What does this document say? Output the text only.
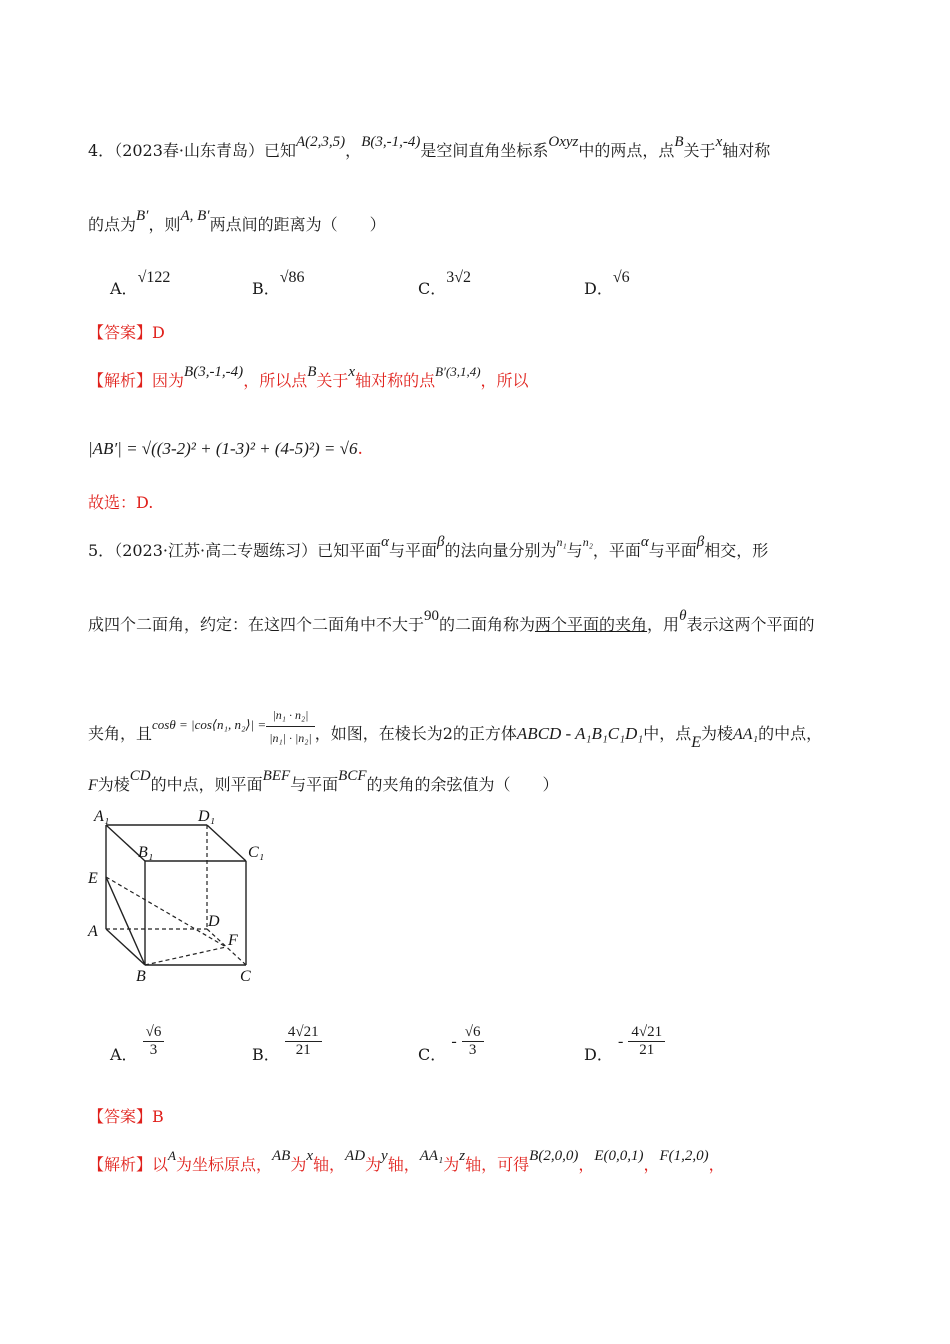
4．（2023春·山东青岛）已知A(2,3,5)，B(3,-1,-4)是空间直角坐标系Oxyz中的两点，点B关于x轴对称
的点为B′，则A, B′两点间的距离为（　　）
A．√122
B．√86
C．3√2
D．√6
【答案】D
【解析】因为B(3,-1,-4)，所以点B关于x轴对称的点$^{B'(3,1,4)}$，所以
|AB′| = √((3-2)² + (1-3)² + (4-5)²) = √6.
故选：D.
5．（2023·江苏·高二专题练习）已知平面α与平面β的法向量分别为$^{n_1}$与$^{n_2}$，平面α与平面β相交，形
成四个二面角，约定：在这四个二面角中不大于90的二面角称为两个平面的夹角，用θ表示这两个平面的
夹角，且$^{cos\theta = |cos⟨n_1, n_2⟩| =} \frac{\text{|n₁ · n₂|}}{\text{|n₁| · |n₂|}}$ ，如图，在棱长为2的正方体ABCD - A₁B₁C₁D₁中，点E为棱AA₁的中点，
F为棱CD的中点，则平面BEF与平面BCF的夹角的余弦值为（　　）
A₁	D₁
B₁	C₁
E
D
A
F
B	C
A． $\frac{√6}{3}$	B． $\frac{4√21}{21}$	C． - $\frac{√6}{3}$	D． - $\frac{4√21}{21}$
【答案】B
【解析】以$^A$为坐标原点，AB为x轴，AD为y轴，AA₁为z轴，可得B(2,0,0)，E(0,0,1)，F(1,2,0)，
